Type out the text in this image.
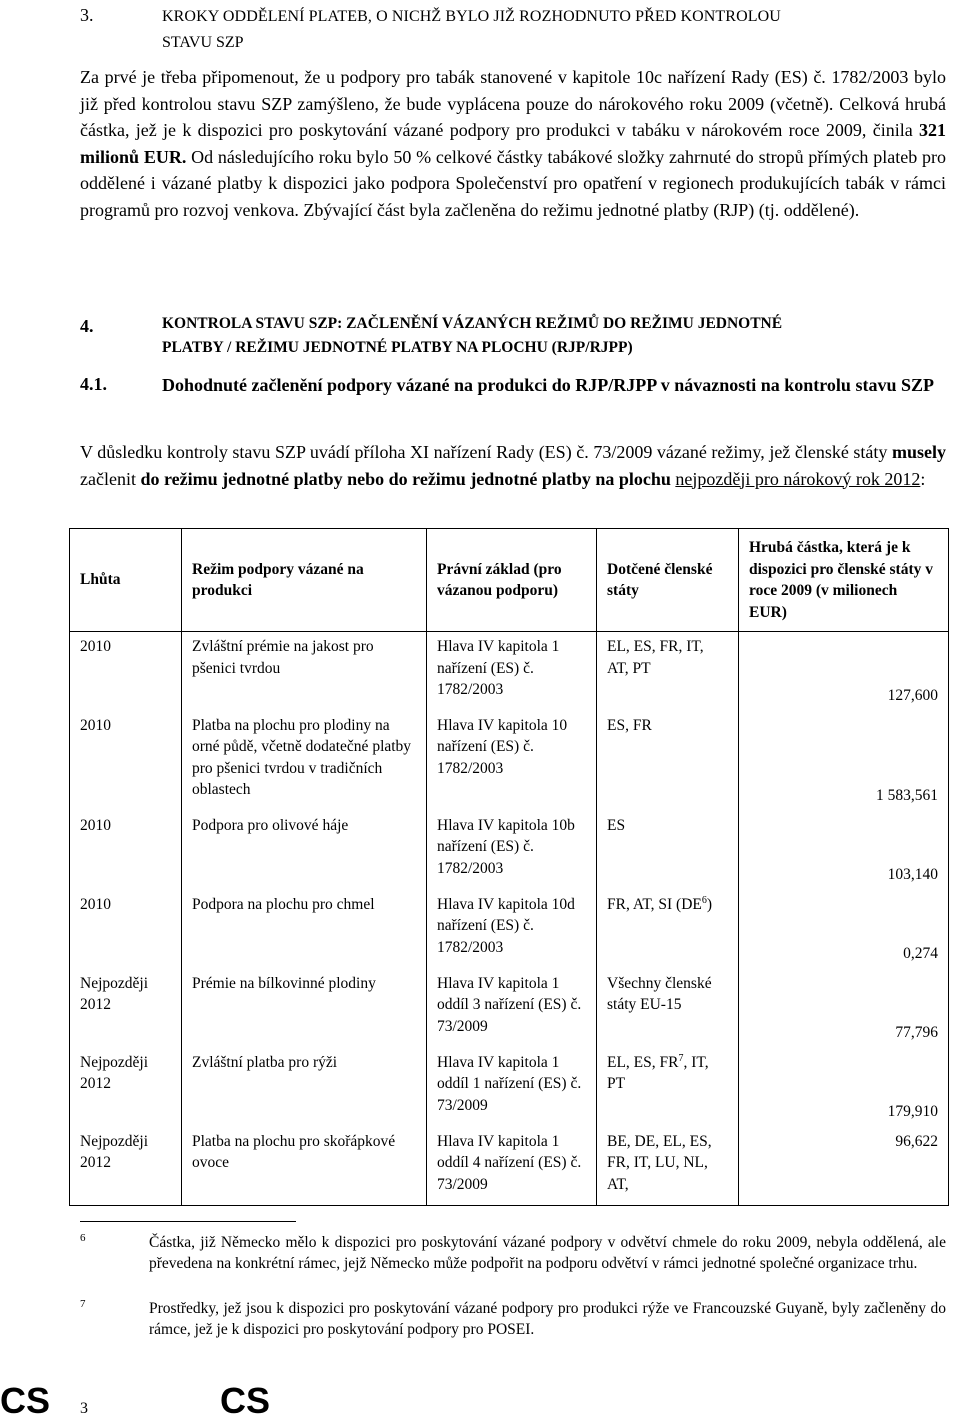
3.	KROKY ODDĚLENÍ PLATEB, O NICHŽ BYLO JIŽ ROZHODNUTO PŘED KONTROLOU
STAVU SZP
Za prvé je třeba připomenout, že u podpory pro tabák stanovené v kapitole 10c nařízení Rady (ES) č. 1782/2003 bylo již před kontrolou stavu SZP zamýšleno, že bude vyplácena pouze do nárokového roku 2009 (včetně). Celková hrubá částka, jež je k dispozici pro poskytování vázané podpory pro produkci v tabáku v nárokovém roce 2009, činila 321 milionů EUR. Od následujícího roku bylo 50 % celkové částky tabákové složky zahrnuté do stropů přímých plateb pro oddělené i vázané platby k dispozici jako podpora Společenství pro opatření v regionech produkujících tabák v rámci programů pro rozvoj venkova. Zbývající část byla začleněna do režimu jednotné platby (RJP) (tj. oddělené).
4.	KONTROLA STAVU SZP: ZAČLENĚNÍ VÁZANÝCH REŽIMŮ DO REŽIMU JEDNOTNÉ
PLATBY / REŽIMU JEDNOTNÉ PLATBY NA PLOCHU (RJP/RJPP)
4.1.	Dohodnuté začlenění podpory vázané na produkci do RJP/RJPP v návaznosti na kontrolu stavu SZP
V důsledku kontroly stavu SZP uvádí příloha XI nařízení Rady (ES) č. 73/2009 vázané režimy, jež členské státy musely začlenit do režimu jednotné platby nebo do režimu jednotné platby na plochu nejpozději pro nárokový rok 2012:
Lhůta	Režim podpory vázané na produkci	Právní základ (pro vázanou podporu)	Dotčené členské státy	Hrubá částka, která je k dispozici pro členské státy v roce 2009 (v milionech EUR)
2010	Zvláštní prémie na jakost pro pšenici tvrdou	Hlava IV kapitola 1 nařízení (ES) č. 1782/2003	EL, ES, FR, IT, AT, PT	127,600
2010	Platba na plochu pro plodiny na orné půdě, včetně dodatečné platby pro pšenici tvrdou v tradičních oblastech	Hlava IV kapitola 10 nařízení (ES) č. 1782/2003	ES, FR	1 583,561
2010	Podpora pro olivové háje	Hlava IV kapitola 10b nařízení (ES) č. 1782/2003	ES	103,140
2010	Podpora na plochu pro chmel	Hlava IV kapitola 10d nařízení (ES) č. 1782/2003	FR, AT, SI $(DE^6)$	0,274
Nejpozději 2012	Prémie na bílkovinné plodiny	Hlava IV kapitola 1 oddíl 3 nařízení (ES) č. 73/2009	Všechny členské státy EU-15	77,796
Nejpozději 2012	Zvláštní platba pro rýži	Hlava IV kapitola 1 oddíl 1 nařízení (ES) č. 73/2009	EL, ES, $FR^7$, IT, PT	179,910
Nejpozději 2012	Platba na plochu pro skořápkové ovoce	Hlava IV kapitola 1 oddíl 4 nařízení (ES) č. 73/2009	BE, DE, EL, ES, FR, IT, LU, NL, AT,	96,622
6	Částka, již Německo mělo k dispozici pro poskytování vázané podpory v odvětví chmele do roku 2009, nebyla oddělená, ale převedena na konkrétní rámec, jejž Německo může podpořit na podporu odvětví v rámci jednotné společné organizace trhu.
7	Prostředky, jež jsou k dispozici pro poskytování vázané podpory pro produkci rýže ve Francouzské Guyaně, byly začleněny do rámce, jež je k dispozici pro poskytování podpory pro POSEI.
CS 3	CS
